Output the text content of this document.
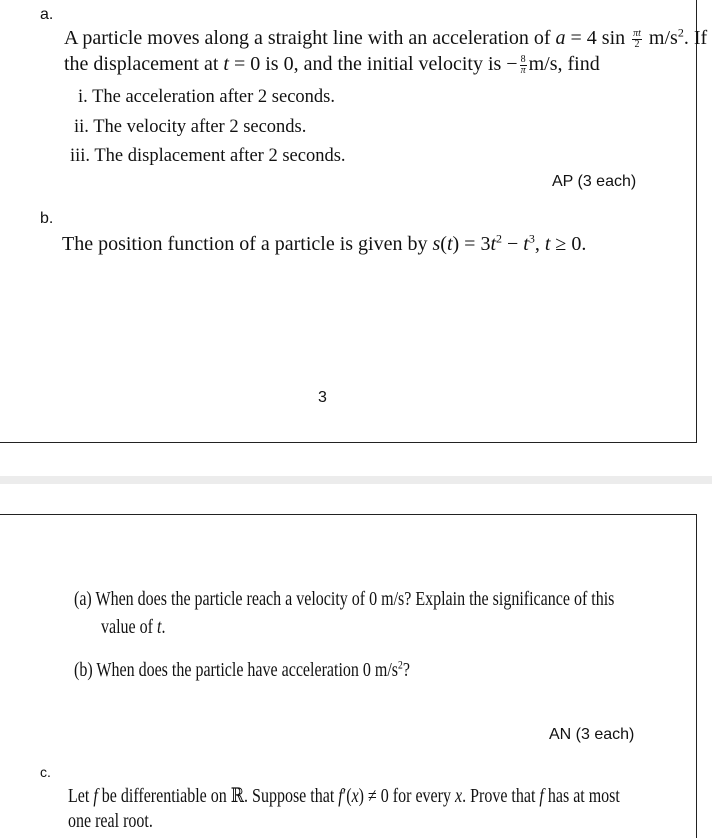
a.
A particle moves along a straight line with an acceleration of a = 4 $\sin \frac{\pi t}{2} m/s^2$. If
the displacement at t = 0 is 0, and the initial velocity is − $\frac{8}{\pi} m/s$, find
i. The acceleration after 2 seconds.
ii. The velocity after 2 seconds.
iii. The displacement after 2 seconds.
AP (3 each)
b.
The position function of a particle is given by $s(t) = 3t^2 - t^3$, t ≥ 0.
3
(a) When does the particle reach a velocity of 0 m/s? Explain the significance of this
value of t.
(b) When does the particle have acceleration 0 $m/s^2$?
AN (3 each)
c.
Let f be differentiable on ℝ. Suppose that f′(x) ≠ 0 for every x. Prove that f has at most
one real root.
